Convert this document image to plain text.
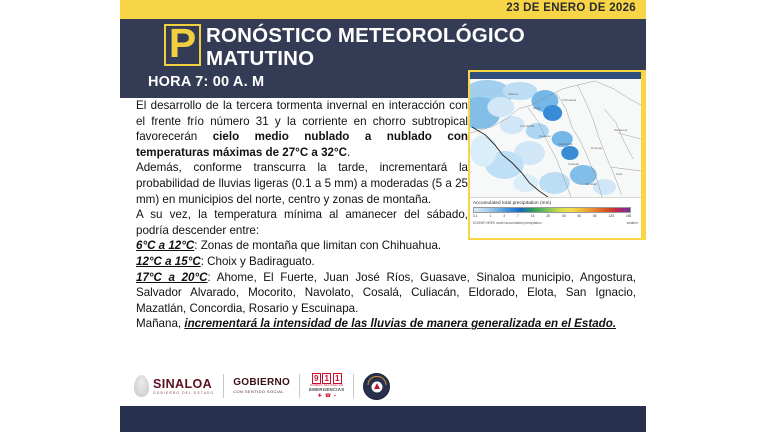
23 DE ENERO DE 2026
P RONÓSTICO METEOROLÓGICO MATUTINO
HORA 7: 00 A. M
Álamos
Choix
Chihuahua
Los Mochis
Guasave
Guamúchil
Culiacán
Durango
Mazatlán
Zacatecas
Tepic
Accumulated total precipitation (mm)
0.1	1	3	7	15	25	40	60	80	125	150
ECMWF-HRES model accumulated precipitation	weather

El desarrollo de la tercera tormenta invernal en interacción con el frente frío número 31 y la corriente en chorro subtropical favorecerán cielo medio nublado a nublado con temperaturas máximas de 27°C a 32°C.

Además, conforme transcurra la tarde, incrementará la probabilidad de lluvias ligeras (0.1 a 5 mm) a moderadas (5 a 25 mm) en municipios del norte, centro y zonas de montaña.

A su vez, la temperatura mínima al amanecer del sábado, podría descender entre:

6°C a 12°C: Zonas de montaña que limitan con Chihuahua.

12°C a 15°C: Choix y Badiraguato.

17°C a 20°C: Ahome, El Fuerte, Juan José Ríos, Guasave, Sinaloa municipio, Angostura, Salvador Alvarado, Mocorito, Navolato, Cosalá, Culiacán, Eldorado, Elota, San Ignacio, Mazatlán, Concordia, Rosario y Escuinapa.

Mañana, incrementará la intensidad de las lluvias de manera generalizada en el Estado.

SINALOA
GOBIERNO DEL ESTADO
GOBIERNO
CON SENTIDO SOCIAL
9 1 1
NÚMERO NACIONAL DE
EMERGENCIAS
✚ ☎ ▪
